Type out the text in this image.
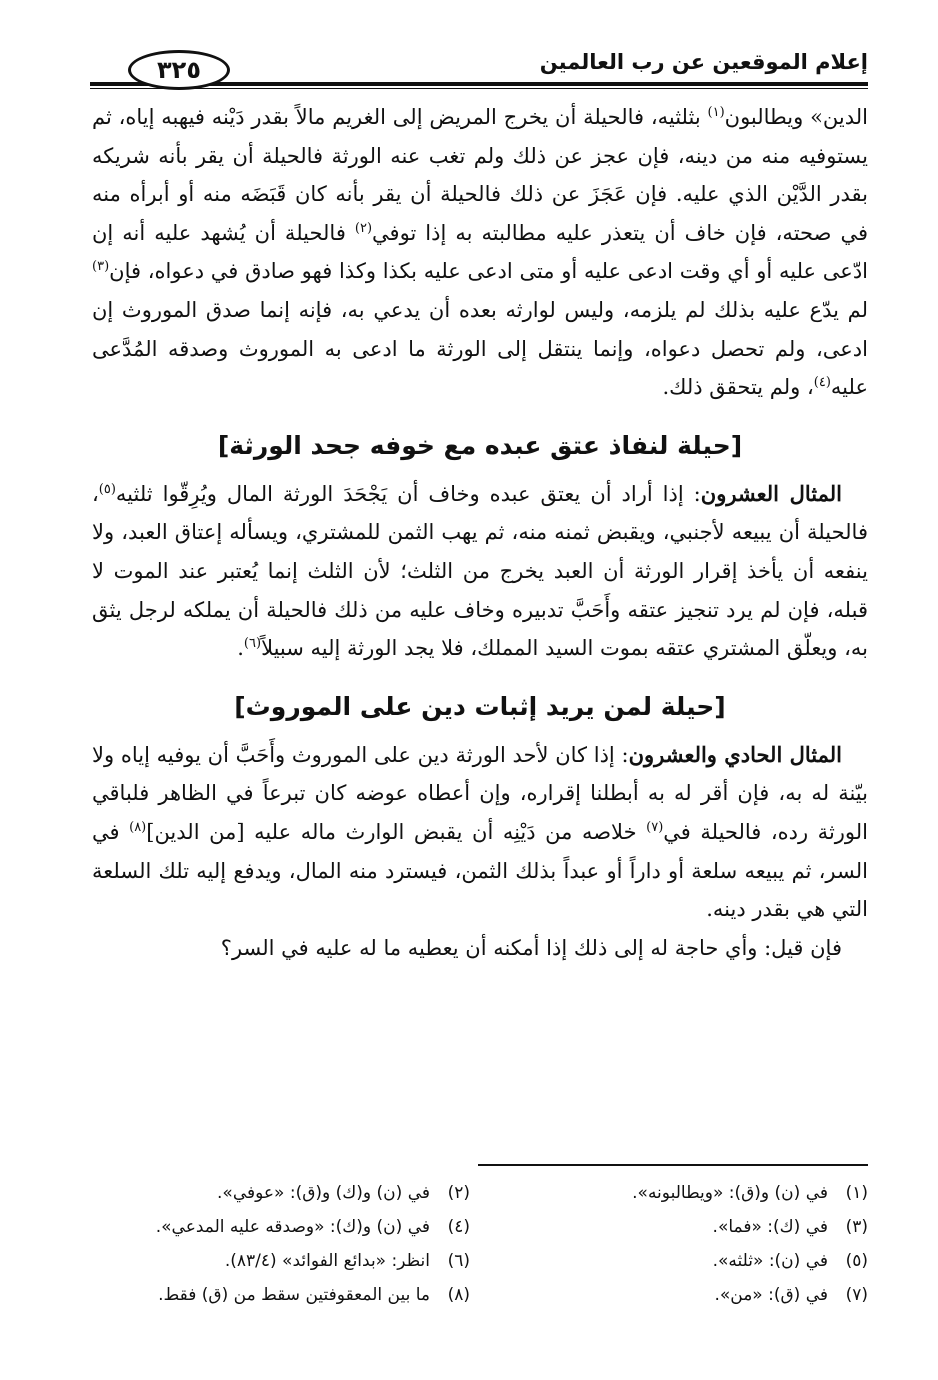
إعلام الموقعين عن رب العالمين
٣٢٥

الدين» ويطالبون$^{(١)}$ بثلثيه، فالحيلة أن يخرج المريض إلى الغريم مالاً بقدر دَيْنه فيهبه إياه، ثم يستوفيه منه من دينه، فإن عجز عن ذلك ولم تغب عنه الورثة فالحيلة أن يقر بأنه شريكه بقدر الدَّيْن الذي عليه. فإن عَجَزَ عن ذلك فالحيلة أن يقر بأنه كان قَبَضَه منه أو أبرأه منه في صحته، فإن خاف أن يتعذر عليه مطالبته به إذا توفي$^{(٢)}$ فالحيلة أن يُشهد عليه أنه إن ادّعى عليه أو أي وقت ادعى عليه أو متى ادعى عليه بكذا وكذا فهو صادق في دعواه، فإن$^{(٣)}$ لم يدّع عليه بذلك لم يلزمه، وليس لوارثه بعده أن يدعي به، فإنه إنما صدق الموروث إن ادعى، ولم تحصل دعواه، وإنما ينتقل إلى الورثة ما ادعى به الموروث وصدقه المُدَّعى عليه$^{(٤)}$، ولم يتحقق ذلك.

[حيلة لنفاذ عتق عبده مع خوفه جحد الورثة]

المثال العشرون: إذا أراد أن يعتق عبده وخاف أن يَجْحَدَ الورثة المال ويُرِقّوا ثلثيه$^{(٥)}$، فالحيلة أن يبيعه لأجنبي، ويقبض ثمنه منه، ثم يهب الثمن للمشتري، ويسأله إعتاق العبد، ولا ينفعه أن يأخذ إقرار الورثة أن العبد يخرج من الثلث؛ لأن الثلث إنما يُعتبر عند الموت لا قبله، فإن لم يرد تنجيز عتقه وأَحَبَّ تدبيره وخاف عليه من ذلك فالحيلة أن يملكه لرجل يثق به، ويعلّق المشتري عتقه بموت السيد المملك، فلا يجد الورثة إليه سبيلاً$^{(٦)}$.

[حيلة لمن يريد إثبات دين على الموروث]

المثال الحادي والعشرون: إذا كان لأحد الورثة دين على الموروث وأَحَبَّ أن يوفيه إياه ولا بيّنة له به، فإن أقر له به أبطلنا إقراره، وإن أعطاه عوضه كان تبرعاً في الظاهر فلباقي الورثة رده، فالحيلة في$^{(٧)}$ خلاصه من دَيْنِه أن يقبض الوارث ماله عليه [من الدين]$^{(٨)}$ في السر، ثم يبيعه سلعة أو داراً أو عبداً بذلك الثمن، فيسترد منه المال، ويدفع إليه تلك السلعة التي هي بقدر دينه.

فإن قيل: وأي حاجة له إلى ذلك إذا أمكنه أن يعطيه ما له عليه في السر؟

(١)في (ن) و(ق): «ويطالبونه».
(٢)في (ن) و(ك) و(ق): «عوفي».
(٣)في (ك): «فما».
(٤)في (ن) و(ك): «وصدقه عليه المدعي».
(٥)في (ن): «ثلثه».
(٦)انظر: «بدائع الفوائد» (٨٣/٤).
(٧)في (ق): «من».
(٨)ما بين المعقوفتين سقط من (ق) فقط.
